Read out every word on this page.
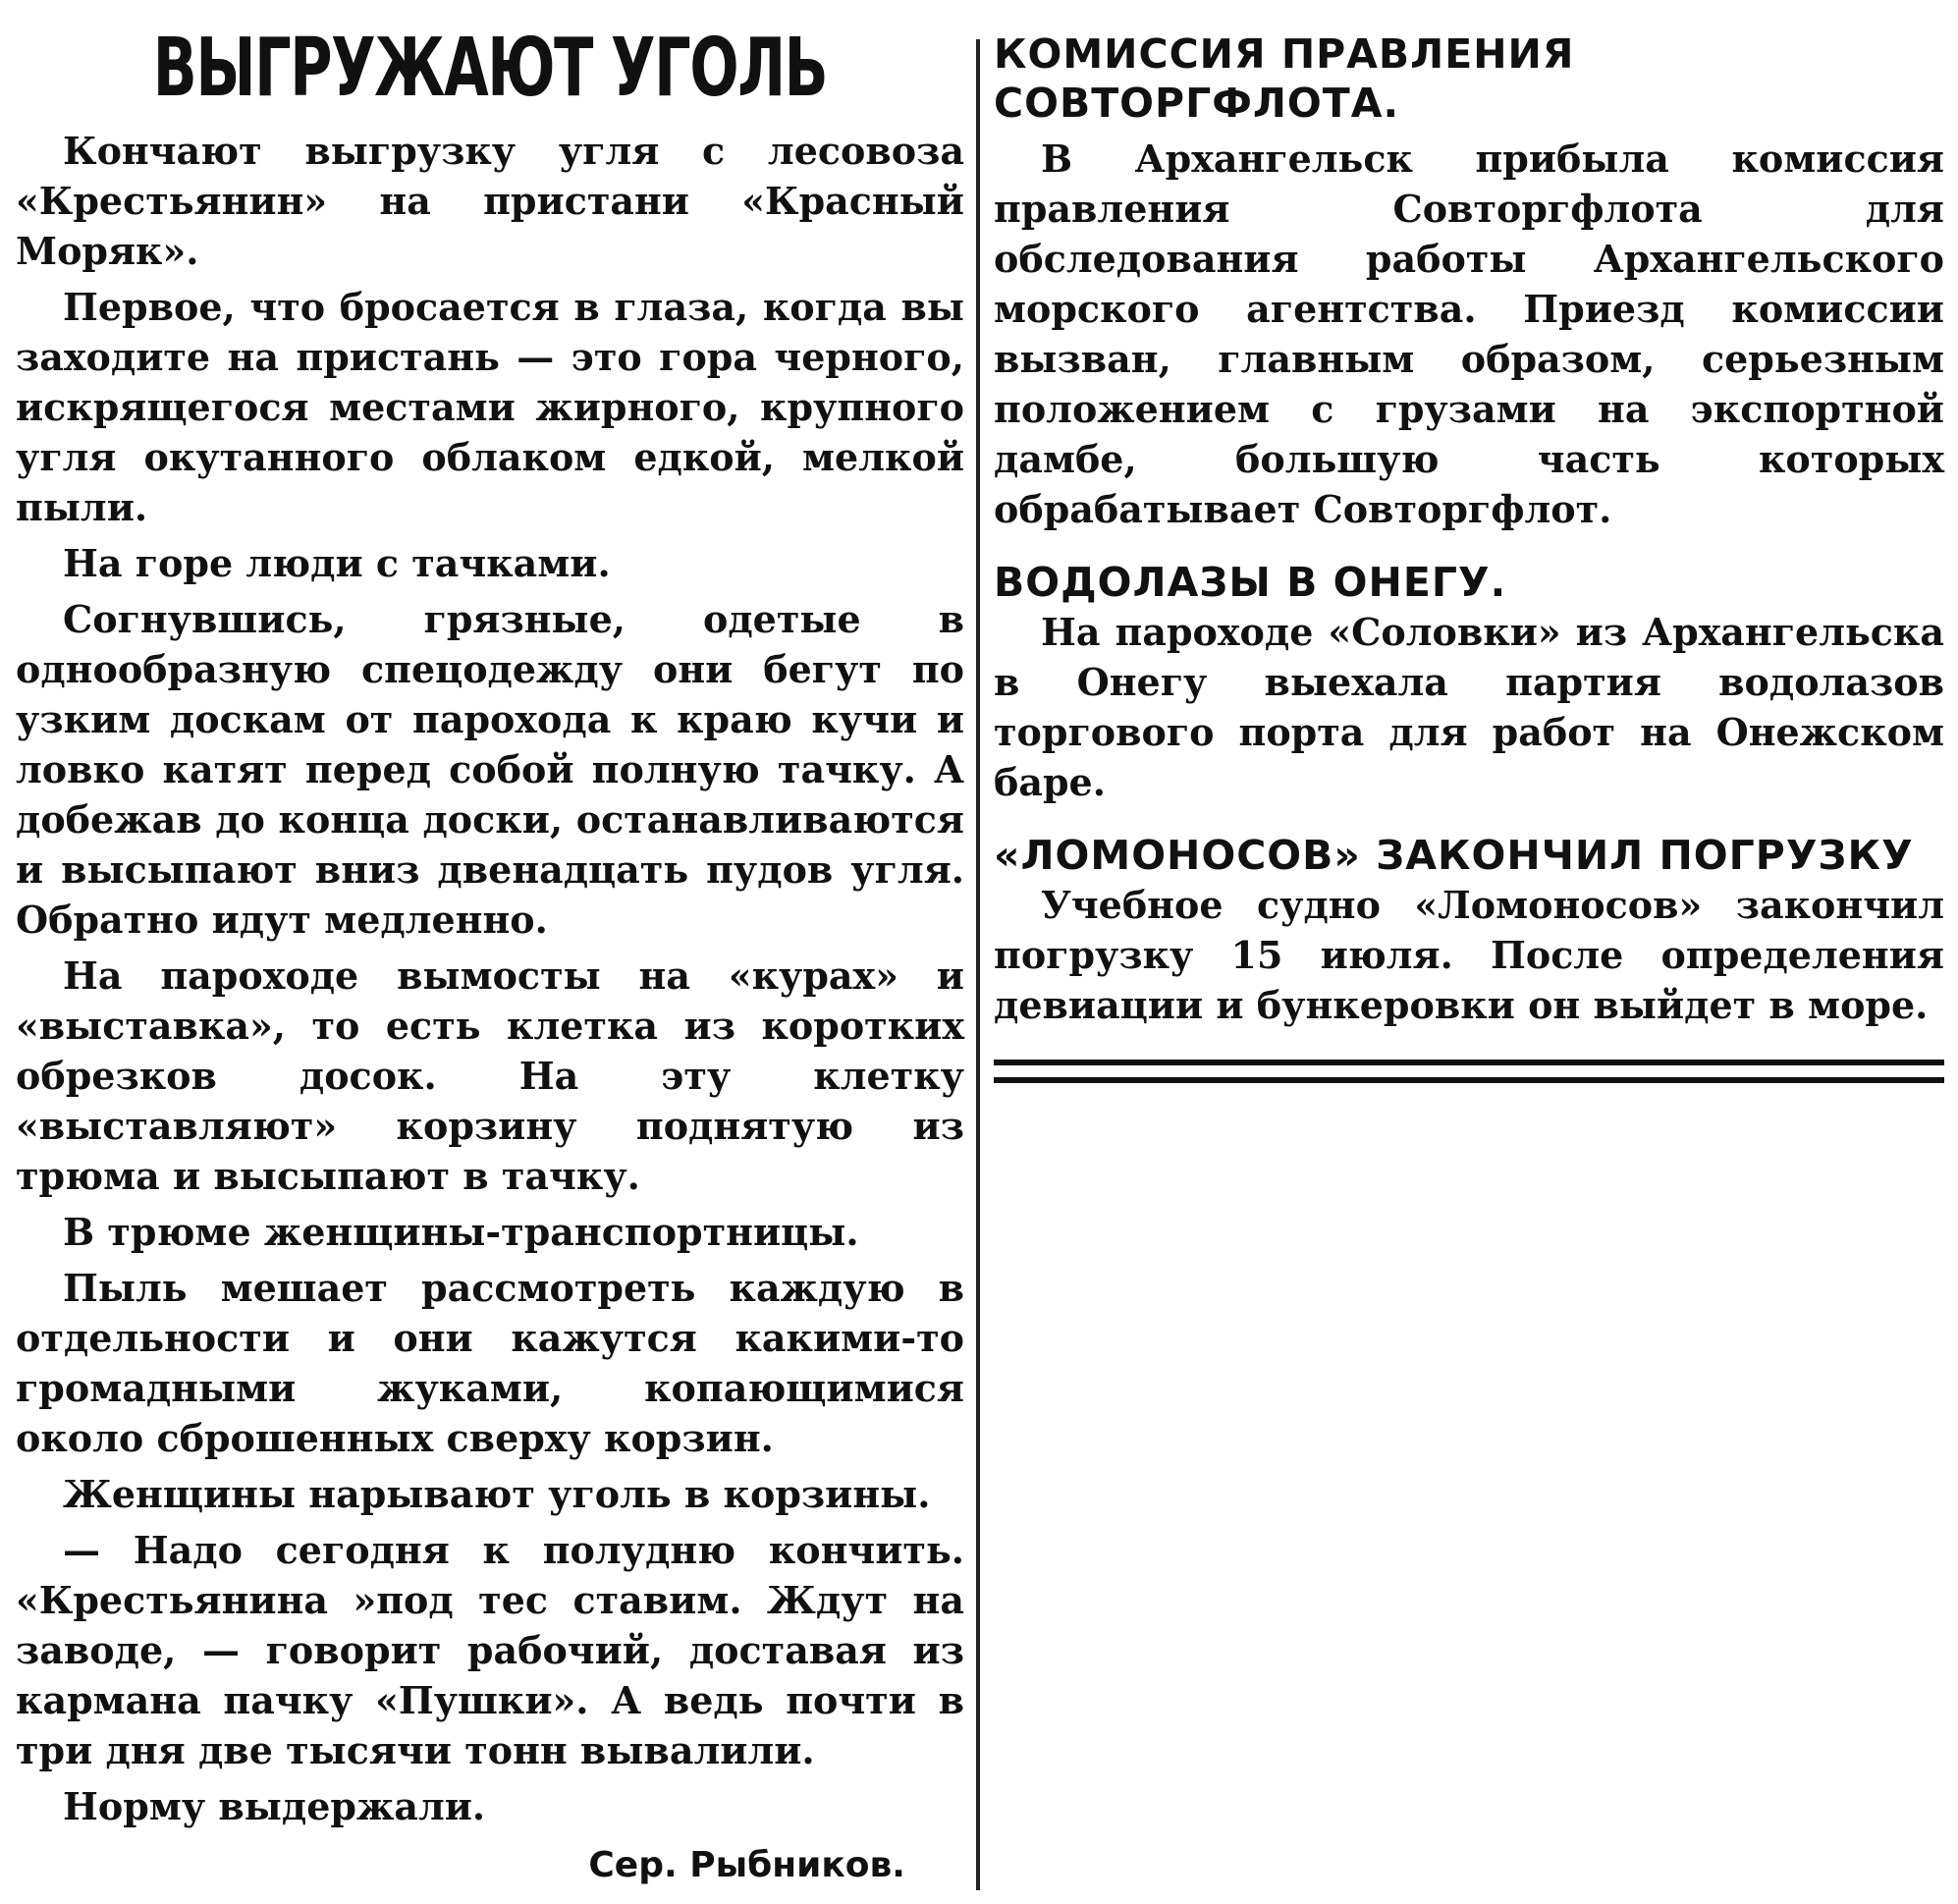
ВЫГРУЖАЮТ УГОЛЬ

Кончают выгрузку угля с лесовоза «Крестьянин» на пристани «Красный Моряк».

Первое, что бросается в глаза, когда вы заходите на пристань — это гора черного, искрящегося местами жирного, крупного угля окутанного облаком едкой, мелкой пыли.

На горе люди с тачками.

Согнувшись, грязные, одетые в однообразную спецодежду они бегут по узким доскам от парохода к краю кучи и ловко катят перед собой полную тачку. А добежав до конца доски, останавливаются и высыпают вниз двенадцать пудов угля. Обратно идут медленно.

На пароходе вымосты на «курах» и «выставка», то есть клетка из коротких обрезков досок. На эту клетку «выставляют» корзину поднятую из трюма и высыпают в тачку.

В трюме женщины-транспортницы.

Пыль мешает рассмотреть каждую в отдельности и они кажутся какими-то громадными жуками, копающимися около сброшенных сверху корзин.

Женщины нарывают уголь в корзины.

— Надо сегодня к полудню кончить. «Крестьянина »под тес ставим. Ждут на заводе, — говорит рабочий, доставая из кармана пачку «Пушки». А ведь почти в три дня две тысячи тонн вывалили.

Норму выдержали.

Сер. Рыбников.
КОМИССИЯ ПРАВЛЕНИЯ СОВТОРГФЛОТА.

В Архангельск прибыла комиссия правления Совторгфлота для обследования работы Архангельского морского агентства. Приезд комиссии вызван, главным образом, серьезным положением с грузами на экспортной дамбе, большую часть которых обрабатывает Совторгфлот.

ВОДОЛАЗЫ В ОНЕГУ.

На пароходе «Соловки» из Архангельска в Онегу выехала партия водолазов торгового порта для работ на Онежском баре.

«ЛОМОНОСОВ» ЗАКОНЧИЛ ПОГРУЗКУ

Учебное судно «Ломоносов» закончил погрузку 15 июля. После определения девиации и бункеровки он выйдет в море.
